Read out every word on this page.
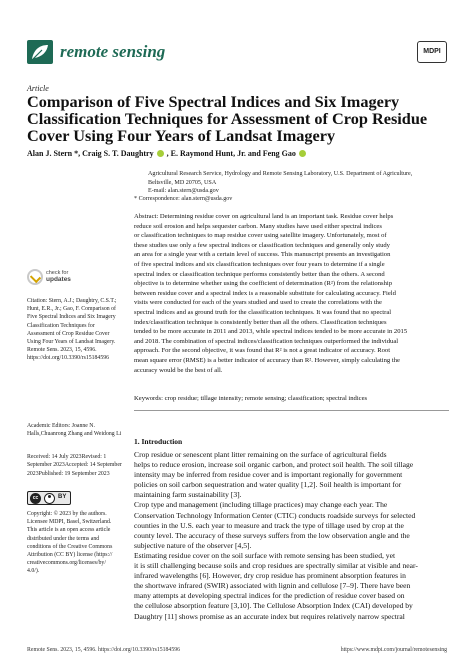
remote sensing	MDPI
Article
Comparison of Five Spectral Indices and Six Imagery
Classification Techniques for Assessment of Crop Residue
Cover Using Four Years of Landsat Imagery
Alan J. Stern *, Craig S. T. Daughtry , E. Raymond Hunt, Jr. and Feng Gao
Agricultural Research Service, Hydrology and Remote Sensing Laboratory, U.S. Department of Agriculture,
Beltsville, MD 20705, USA
E-mail: alan.stern@usda.gov
* Correspondence: alan.stern@usda.gov
Abstract: Determining residue cover on agricultural land is an important task. Residue cover helps
reduce soil erosion and helps sequester carbon. Many studies have used either spectral indices
or classification techniques to map residue cover using satellite imagery. Unfortunately, most of
these studies use only a few spectral indices or classification techniques and generally only study
an area for a single year with a certain level of success. This manuscript presents an investigation
of five spectral indices and six classification techniques over four years to determine if a single
spectral index or classification technique performs consistently better than the others. A second
objective is to determine whether using the coefficient of determination (R²) from the relationship
between residue cover and a spectral index is a reasonable substitute for calculating accuracy. Field
visits were conducted for each of the years studied and used to create the correlations with the
spectral indices and as ground truth for the classification techniques. It was found that no spectral
index/classification technique is consistently better than all the others. Classification techniques
tended to be more accurate in 2011 and 2013, while spectral indices tended to be more accurate in 2015
and 2018. The combination of spectral indices/classification techniques outperformed the individual
approach. For the second objective, it was found that R² is not a great indicator of accuracy. Root
mean square error (RMSE) is a better indicator of accuracy than R². However, simply calculating the
accuracy would be the best of all.
Keywords: crop residue; tillage intensity; remote sensing; classification; spectral indices
check for
updates
Citation: Stern, A.J.; Daughtry, C.S.T.;
Hunt, E.R., Jr.; Gao, F. Comparison of
Five Spectral Indices and Six Imagery
Classification Techniques for
Assessment of Crop Residue Cover
Using Four Years of Landsat Imagery.
Remote Sens. 2023, 15, 4596.
https://doi.org/10.3390/rs15184596
Academic Editors: Joanne N. Halls,Chuanrong Zhang and Weidong Li
Received: 14 July 2023Revised: 1 September 2023Accepted: 14 September 2023Published: 19 September 2023
cc	BY
Copyright: © 2023 by the authors.
Licensee MDPI, Basel, Switzerland.
This article is an open access article
distributed under the terms and
conditions of the Creative Commons
Attribution (CC BY) license (https://
creativecommons.org/licenses/by/
4.0/).
1. Introduction
Crop residue or senescent plant litter remaining on the surface of agricultural fields
helps to reduce erosion, increase soil organic carbon, and protect soil health. The soil tillage
intensity may be inferred from residue cover and is important regionally for government
policies on soil carbon sequestration and water quality [1,2]. Soil health is important for
maintaining farm sustainability [3].
Crop type and management (including tillage practices) may change each year. The
Conservation Technology Information Center (CTIC) conducts roadside surveys for selected
counties in the U.S. each year to measure and track the type of tillage used by crop at the
county level. The accuracy of these surveys suffers from the low observation angle and the
subjective nature of the observer [4,5].
Estimating residue cover on the soil surface with remote sensing has been studied, yet
it is still challenging because soils and crop residues are spectrally similar at visible and near-
infrared wavelengths [6]. However, dry crop residue has prominent absorption features in
the shortwave infrared (SWIR) associated with lignin and cellulose [7–9]. There have been
many attempts at developing spectral indices for the prediction of residue cover based on
the cellulose absorption feature [3,10]. The Cellulose Absorption Index (CAI) developed by
Daughtry [11] shows promise as an accurate index but requires relatively narrow spectral
Remote Sens. 2023, 15, 4596. https://doi.org/10.3390/rs15184596	https://www.mdpi.com/journal/remotesensing
